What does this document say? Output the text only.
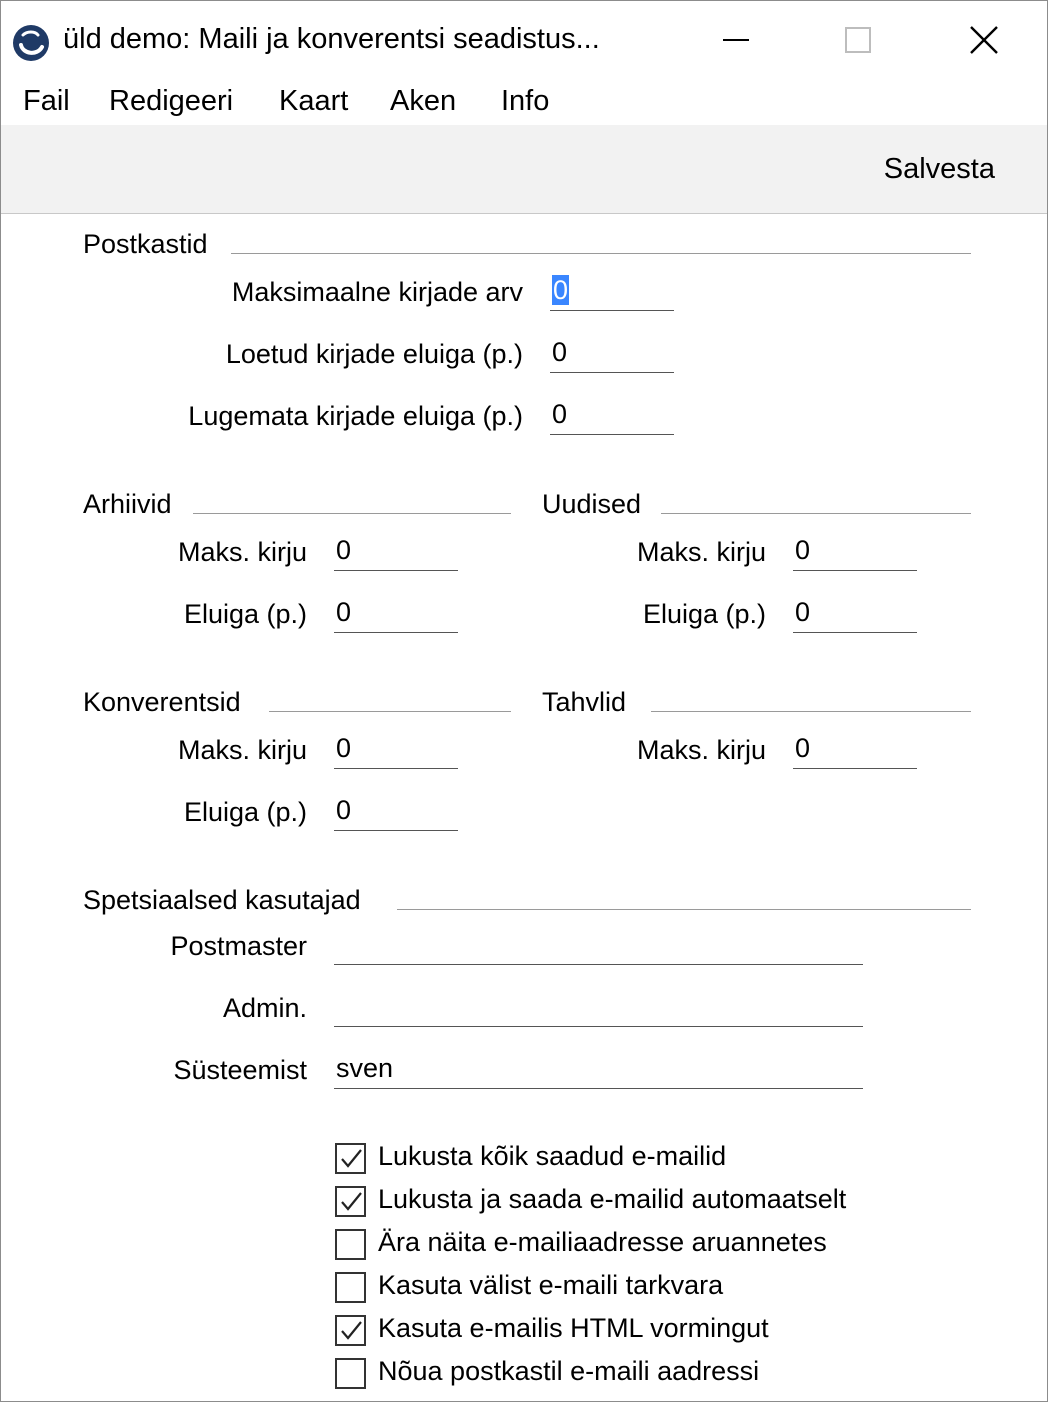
üld demo: Maili ja konverentsi seadistus...
Fail Redigeeri Kaart Aken Info
Salvesta
Postkastid
Maksimaalne kirjade arv 0
Loetud kirjade eluiga (p.) 0
Lugemata kirjade eluiga (p.) 0
Arhiivid
Maks. kirju 0
Eluiga (p.) 0
Uudised
Maks. kirju 0
Eluiga (p.) 0
Konverentsid
Maks. kirju 0
Eluiga (p.) 0
Tahvlid
Maks. kirju 0
Spetsiaalsed kasutajad
Postmaster
Admin.
Süsteemist sven
Lukusta kõik saadud e-mailid
Lukusta ja saada e-mailid automaatselt
Ära näita e-mailiaadresse aruannetes
Kasuta välist e-maili tarkvara
Kasuta e-mailis HTML vormingut
Nõua postkastil e-maili aadressi
